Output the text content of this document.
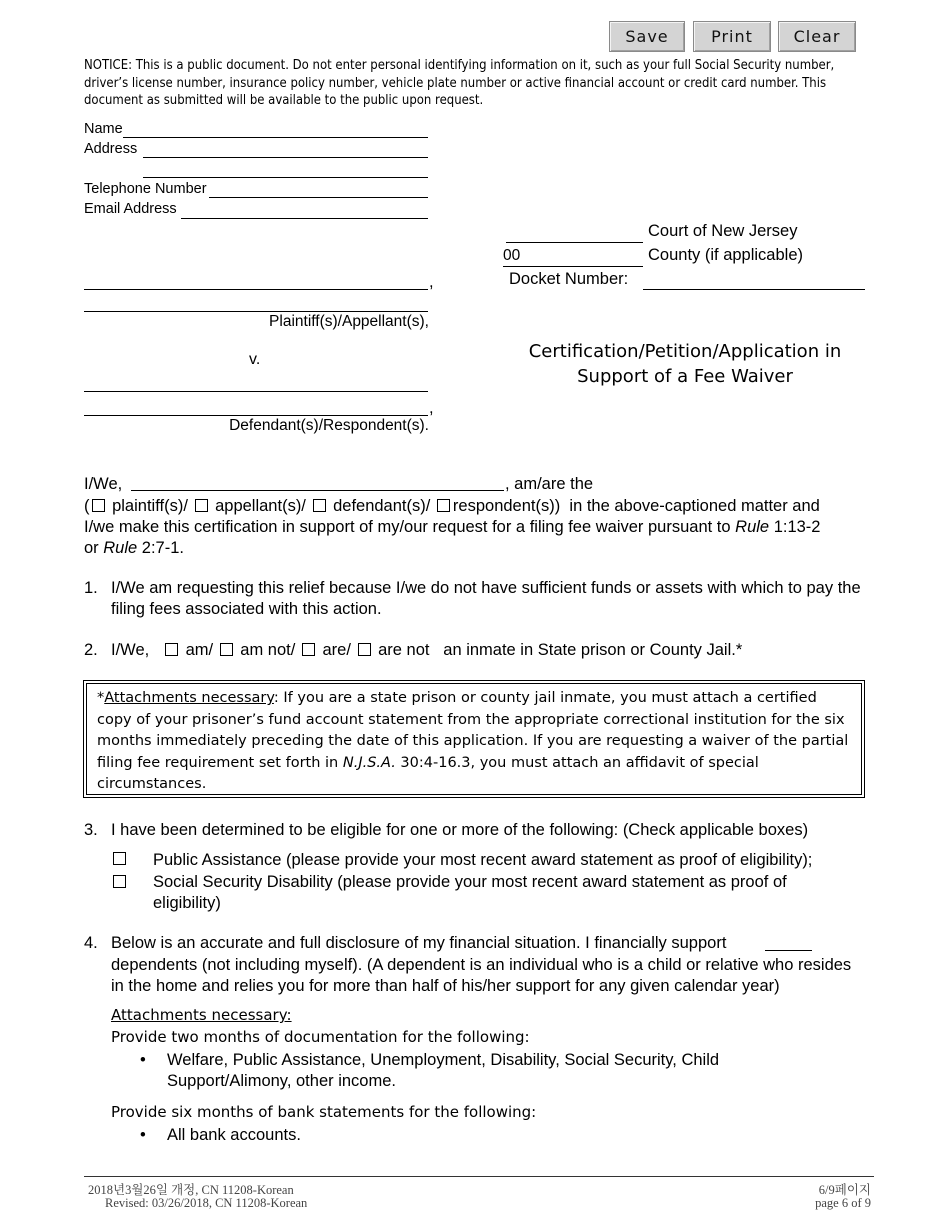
Save	Print	Clear
NOTICE: This is a public document. Do not enter personal identifying information on it, such as your full Social Security number, driver’s license number, insurance policy number, vehicle plate number or active financial account or credit card number. This document as submitted will be available to the public upon request.
Name
Address
Telephone Number
Email Address
Court of New Jersey
00	County (if applicable)
Docket Number:
,
Plaintiff(s)/Appellant(s),
v.
,
Defendant(s)/Respondent(s).
Certification/Petition/Application in
Support of a Fee Waiver
I/We,	, am/are the
( plaintiff(s)/ appellant(s)/ defendant(s)/ respondent(s)) in the above-captioned matter and
I/we make this certification in support of my/our request for a filing fee waiver pursuant to Rule 1:13-2
or Rule 2:7-1.
1. I/We am requesting this relief because I/we do not have sufficient funds or assets with which to pay the filing fees associated with this action.
2. I/We, am/ am not/ are/ are not an inmate in State prison or County Jail.*
*Attachments necessary: If you are a state prison or county jail inmate, you must attach a certified copy of your prisoner’s fund account statement from the appropriate correctional institution for the six months immediately preceding the date of this application. If you are requesting a waiver of the partial filing fee requirement set forth in N.J.S.A. 30:4-16.3, you must attach an affidavit of special circumstances.
3. I have been determined to be eligible for one or more of the following: (Check applicable boxes)
Public Assistance (please provide your most recent award statement as proof of eligibility);
Social Security Disability (please provide your most recent award statement as proof of eligibility)
4. Below is an accurate and full disclosure of my financial situation. I financially support
dependents (not including myself). (A dependent is an individual who is a child or relative who resides in the home and relies you for more than half of his/her support for any given calendar year)
Attachments necessary:
Provide two months of documentation for the following:
• Welfare, Public Assistance, Unemployment, Disability, Social Security, Child Support/Alimony, other income.
Provide six months of bank statements for the following:
• All bank accounts.
2018년3월26일 개정, CN 11208-Korean
Revised: 03/26/2018, CN 11208-Korean
6/9페이지
page 6 of 9
